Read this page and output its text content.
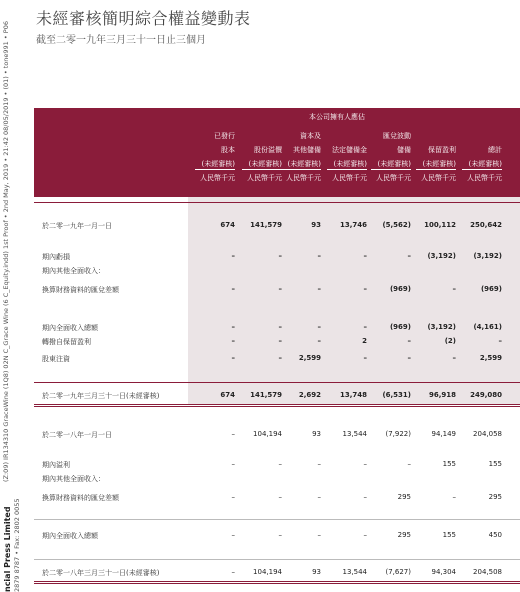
未經審核簡明綜合權益變動表
截至二零一九年三月三十一日止三個月
(Z:09) IR134310 GraceWine (1Q8) 02N C_Grace Wine (6 C_Equity.indd) 1st Proof • 2nd May, 2019 • 21:42 08/05/2019 • (01) • tone991 • P06
ncial Press Limited 2879 8787 • Fax: 2802 0055
本公司擁有人應佔
已發行
股本
(未經審核)
人民幣千元
股份溢價
(未經審核)
人民幣千元
資本及
其他儲備
(未經審核)
人民幣千元
法定儲備金
(未經審核)
人民幣千元
匯兌波動
儲備
(未經審核)
人民幣千元
保留盈利
(未經審核)
人民幣千元
總計
(未經審核)
人民幣千元
於二零一九年一月一日	674 141,579	93	13,746 (5,562) 100,112 250,642
期內虧損	–	–	–	–	– (3,192) (3,192)
期內其他全面收入：
換算財務資料的匯兌差額	–	–	–	–	(969)	–	(969)
期內全面收入總額	–	–	–	–	(969) (3,192) (4,161)
轉撥自保留盈利	–	–	–	2	–	(2)	–
股東注資	–	– 2,599	–	–	–	2,599
於二零一九年三月三十一日(未經審核)	674 141,579 2,692	13,748 (6,531)	96,918 249,080
於二零一八年一月一日	–	104,194	93	13,544	(7,922)	94,149 204,058
期內溢利	–	–	–	–	–	155	155
期內其他全面收入：
換算財務資料的匯兌差額	–	–	–	–	295	–	295
期內全面收入總額	–	–	–	–	295	155	450
於二零一八年三月三十一日(未經審核)	–	104,194	93	13,544	(7,627)	94,304 204,508
